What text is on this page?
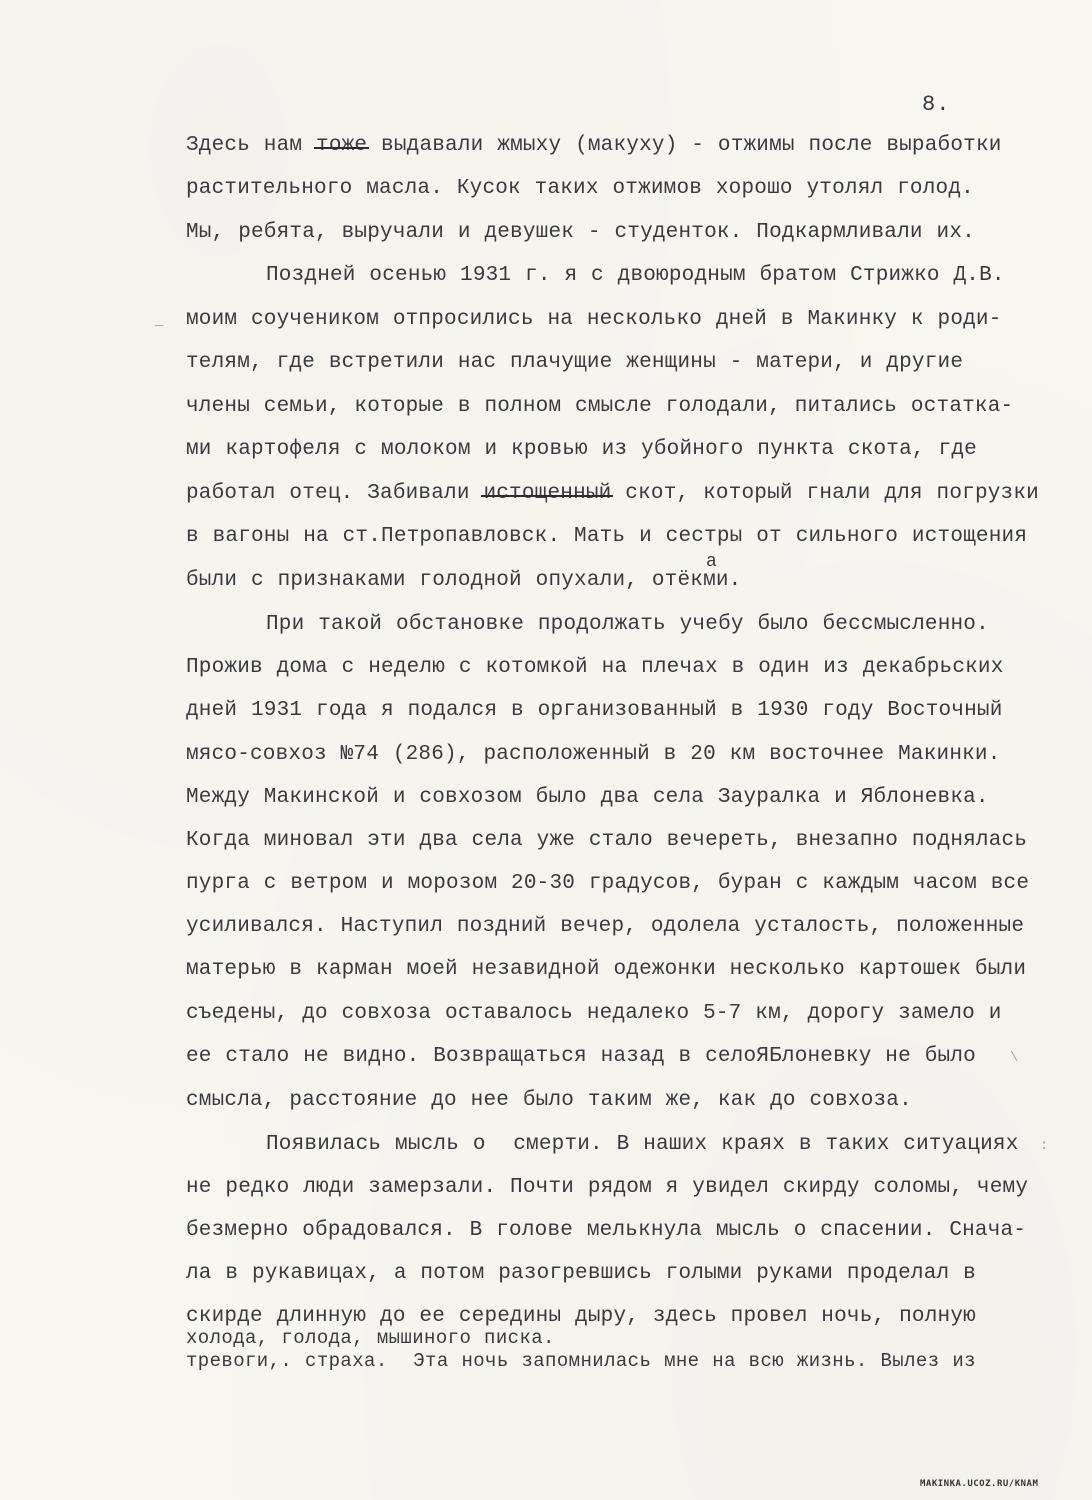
8.
Здесь нам тоже выдавали жмыху (макуху) - отжимы после выработки
растительного масла. Кусок таких отжимов хорошо утолял голод.
Мы, ребята, выручали и девушек - студенток. Подкармливали их.
Поздней осенью 1931 г. я с двоюродным братом Стрижко Д.В.
моим соучеником отпросились на несколько дней в Макинку к роди-
телям, где встретили нас плачущие женщины - матери, и другие
члены семьи, которые в полном смысле голодали, питались остатка-
ми картофеля с молоком и кровью из убойного пункта скота, где
работал отец. Забивали истощенный скот, который гнали для погрузки
в вагоны на ст.Петропавловск. Мать и сестры от сильного истощения
были с признаками голодной опухали, отёкми.
а
При такой обстановке продолжать учебу было бессмысленно.
Прожив дома с неделю с котомкой на плечах в один из декабрьских
дней 1931 года я подался в организованный в 1930 году Восточный
мясо-совхоз №74 (286), расположенный в 20 км восточнее Макинки.
Между Макинской и совхозом было два села Зауралка и Яблоневка.
Когда миновал эти два села уже стало вечереть, внезапно поднялась
пурга с ветром и морозом 20-30 градусов, буран с каждым часом все
усиливался. Наступил поздний вечер, одолела усталость, положенные
матерью в карман моей незавидной одежонки несколько картошек были
съедены, до совхоза оставалось недалеко 5-7 км, дорогу замело и
ее стало не видно. Возвращаться назад в селоЯБлоневку не было
смысла, расстояние до нее было таким же, как до совхоза.
Появилась мысль о  смерти. В наших краях в таких ситуациях
не редко люди замерзали. Почти рядом я увидел скирду соломы, чему
безмерно обрадовался. В голове мелькнула мысль о спасении. Снача-
ла в рукавицах, а потом разогревшись голыми руками проделал в
скирде длинную до ее середины дыру, здесь провел ночь, полную
холода, голода, мышиного писка.
тревоги,. страха.  Эта ночь запомнилась мне на всю жизнь. Вылез из
—
:
\
MAKINKA.UCOZ.RU/KNAM
